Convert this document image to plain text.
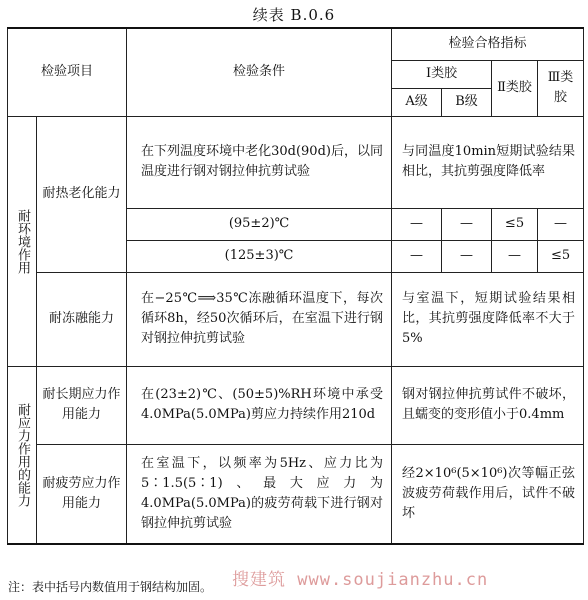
续表 B.0.6
检验项目		检验条件	检验合格指标			
			Ⅰ类胶		Ⅱ类胶	Ⅲ类胶
			A级	B级		

耐环境作用	耐热老化能力	在下列温度环境中老化30d(90d)后，以同温度进行钢对钢拉伸抗剪试验	与同温度10min短期试验结果相比，其抗剪强度降低率			
		(95±2)℃	—	—	≤5	—
		(125±3)℃	—	—	—	≤5
	耐冻融能力	在−25℃⟹35℃冻融循环温度下，每次循环8h，经50次循环后，在室温下进行钢对钢拉伸抗剪试验	与室温下，短期试验结果相比，其抗剪强度降低率不大于5%			

耐应力作用的能力	耐长期应力作用能力	在(23±2)℃、(50±5)%RH环境中承受4.0MPa(5.0MPa)剪应力持续作用210d	钢对钢拉伸抗剪试件不破坏，且蠕变的变形值小于0.4mm			
	耐疲劳应力作用能力	在室温下，以频率为5Hz、应力比为5∶1.5(5∶1)、最大应力为4.0MPa(5.0MPa)的疲劳荷载下进行钢对钢拉伸抗剪试验	经2×10⁶(5×10⁶)次等幅正弦波疲劳荷载作用后，试件不破坏			
搜建筑 www.soujianzhu.cn
注：表中括号内数值用于钢结构加固。
